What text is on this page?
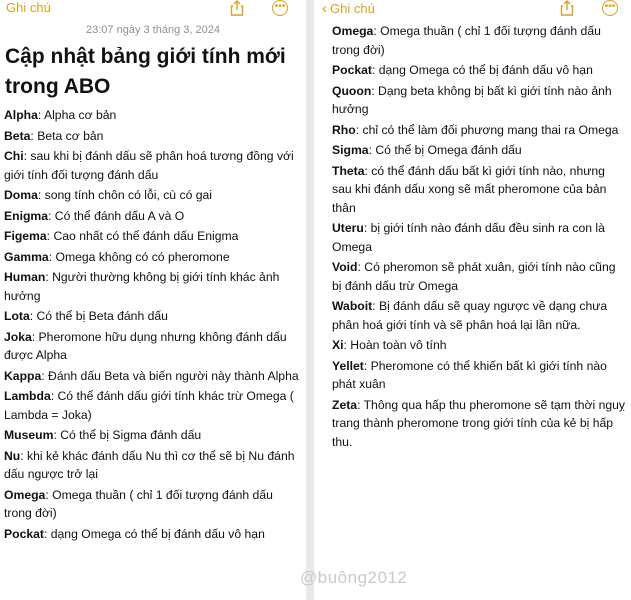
Ghi chú	•••
23:07 ngày 3 tháng 3, 2024
Cập nhật bảng giới tính mới trong ABO
Alpha: Alpha cơ bản
Beta: Beta cơ bản
Chi: sau khi bị đánh dấu sẽ phân hoá tương đồng với giới tính đối tượng đánh dấu
Doma: song tính chôn có lỗi, cù có gai
Enigma: Có thể đánh dấu A và O
Figema: Cao nhất có thể đánh dấu Enigma
Gamma: Omega không có có pheromone
Human: Người thường không bị giới tính khác ảnh hưởng
Lota: Có thể bị Beta đánh dấu
Joka: Pheromone hữu dụng nhưng không đánh dấu được Alpha
Kappa: Đánh dấu Beta và biến người này thành Alpha
Lambda: Có thể đánh dấu giới tính khác trừ Omega ( Lambda = Joka)
Museum: Có thể bị Sigma đánh dấu
Nu: khi kẻ khác đánh dấu Nu thì cơ thể sẽ bị Nu đánh dấu ngược trở lại
Omega: Omega thuần ( chỉ 1 đối tượng đánh dấu trong đời)
Pockat: dạng Omega có thể bị đánh dấu vô hạn
‹ Ghi chú	•••
Omega: Omega thuần ( chỉ 1 đối tượng đánh dấu trong đời)
Pockat: dạng Omega có thể bị đánh dấu vô hạn
Quoon: Dạng beta không bị bất kì giới tính nào ảnh hưởng
Rho: chỉ có thể làm đối phương mang thai ra Omega
Sigma: Có thể bị Omega đánh dấu
Theta: có thể đánh dấu bất kì giới tính nào, nhưng sau khi đánh dấu xong sẽ mất pheromone của bản thân
Uteru: bị giới tính nào đánh dấu đều sinh ra con là Omega
Void: Có pheromon sẽ phát xuân, giới tính nào cũng bị đánh dấu trừ Omega
Waboit: Bị đánh dấu sẽ quay ngược về dạng chưa phân hoá giới tính và sẽ phân hoá lại lần nữa.
Xi: Hoàn toàn vô tính
Yellet: Pheromone có thể khiến bất kì giới tính nào phát xuân
Zeta: Thông qua hấp thu pheromone sẽ tạm thời nguỵ trang thành pheromone trong giới tính của kẻ bị hấp thu.
@buông2012
